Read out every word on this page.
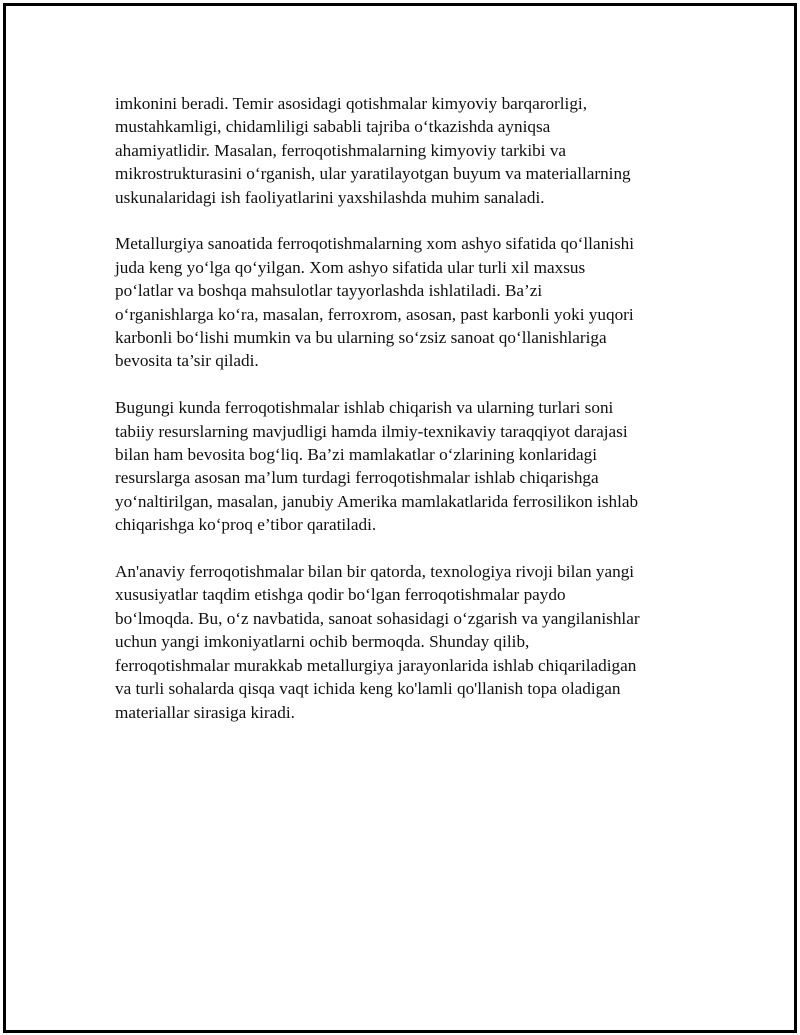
imkonini beradi. Temir asosidagi qotishmalar kimyoviy barqarorligi,
mustahkamligi, chidamliligi sababli tajriba oʻtkazishda ayniqsa
ahamiyatlidir. Masalan, ferroqotishmalarning kimyoviy tarkibi va
mikrostrukturasini oʻrganish, ular yaratilayotgan buyum va materiallarning
uskunalaridagi ish faoliyatlarini yaxshilashda muhim sanaladi.

Metallurgiya sanoatida ferroqotishmalarning xom ashyo sifatida qoʻllanishi
juda keng yoʻlga qoʻyilgan. Xom ashyo sifatida ular turli xil maxsus
poʻlatlar va boshqa mahsulotlar tayyorlashda ishlatiladi. Ba’zi
oʻrganishlarga koʻra, masalan, ferroxrom, asosan, past karbonli yoki yuqori
karbonli boʻlishi mumkin va bu ularning soʻzsiz sanoat qoʻllanishlariga
bevosita ta’sir qiladi.

Bugungi kunda ferroqotishmalar ishlab chiqarish va ularning turlari soni
tabiiy resurslarning mavjudligi hamda ilmiy-texnikaviy taraqqiyot darajasi
bilan ham bevosita bogʻliq. Ba’zi mamlakatlar oʻzlarining konlaridagi
resurslarga asosan ma’lum turdagi ferroqotishmalar ishlab chiqarishga
yoʻnaltirilgan, masalan, janubiy Amerika mamlakatlarida ferrosilikon ishlab
chiqarishga koʻproq e’tibor qaratiladi.

An'anaviy ferroqotishmalar bilan bir qatorda, texnologiya rivoji bilan yangi
xususiyatlar taqdim etishga qodir boʻlgan ferroqotishmalar paydo
boʻlmoqda. Bu, oʻz navbatida, sanoat sohasidagi oʻzgarish va yangilanishlar
uchun yangi imkoniyatlarni ochib bermoqda. Shunday qilib,
ferroqotishmalar murakkab metallurgiya jarayonlarida ishlab chiqariladigan
va turli sohalarda qisqa vaqt ichida keng ko'lamli qo'llanish topa oladigan
materiallar sirasiga kiradi.
